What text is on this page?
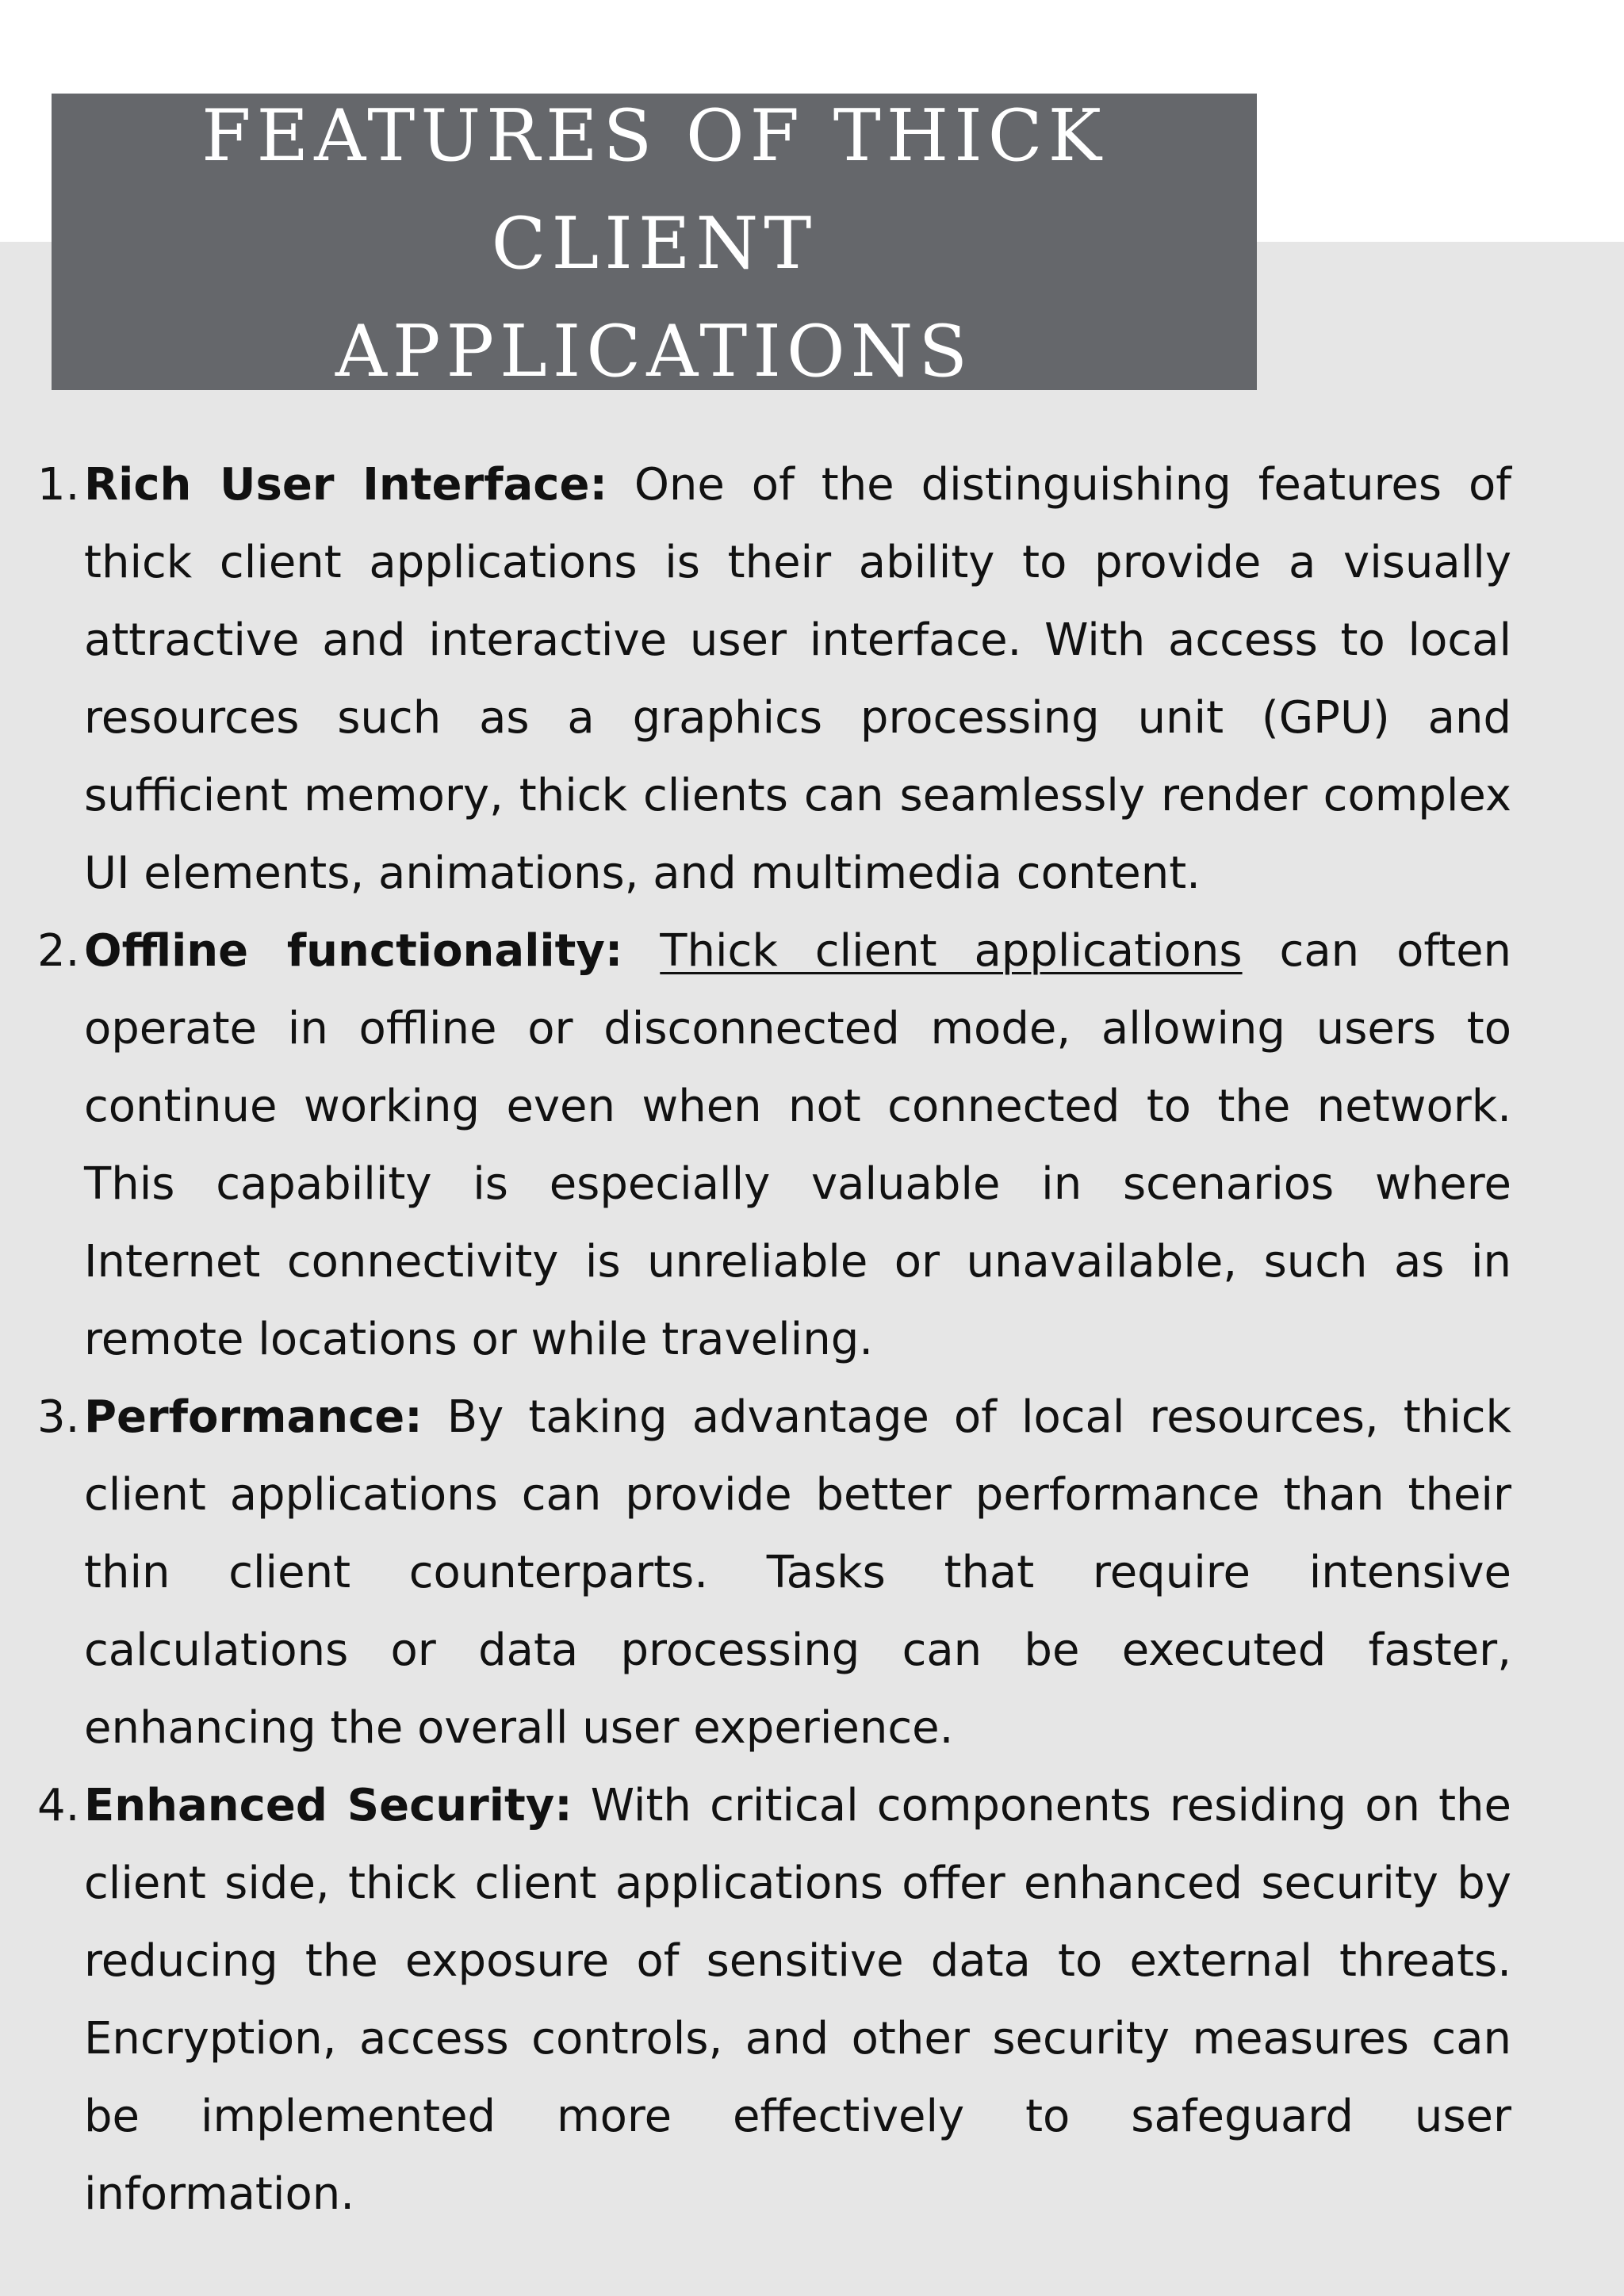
FEATURES OF THICK CLIENT
APPLICATIONS
1. Rich User Interface: One of the distinguishing features of thick client applications is their ability to provide a visually attractive and interactive user interface. With access to local resources such as a graphics processing unit (GPU) and sufficient memory, thick clients can seamlessly render complex UI elements, animations, and multimedia content.

2. Offline functionality: Thick client applications can often operate in offline or disconnected mode, allowing users to continue working even when not connected to the network. This capability is especially valuable in scenarios where Internet connectivity is unreliable or unavailable, such as in remote locations or while traveling.

3. Performance: By taking advantage of local resources, thick client applications can provide better performance than their thin client counterparts. Tasks that require intensive calculations or data processing can be executed faster, enhancing the overall user experience.

4. Enhanced Security: With critical components residing on the client side, thick client applications offer enhanced security by reducing the exposure of sensitive data to external threats. Encryption, access controls, and other security measures can be implemented more effectively to safeguard user information.
